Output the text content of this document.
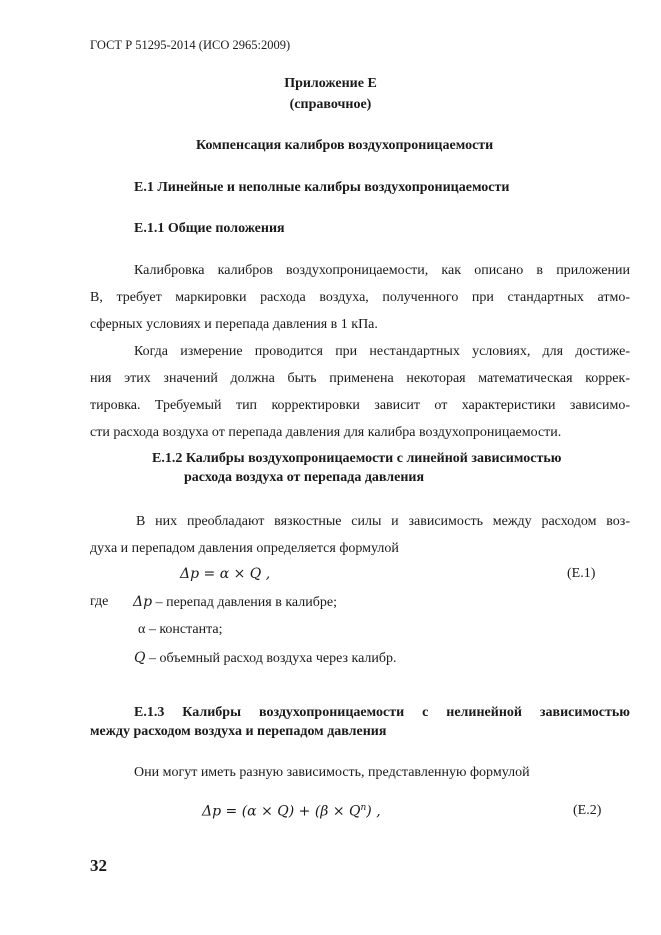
ГОСТ Р 51295-2014 (ИСО 2965:2009)
Приложение Е
(справочное)
Компенсация калибров воздухопроницаемости
Е.1 Линейные и неполные калибры воздухопроницаемости
Е.1.1 Общие положения
Калибровка калибров воздухопроницаемости, как описано в приложении
В, требует маркировки расхода воздуха, полученного при стандартных атмо-
сферных условиях и перепада давления в 1 кПа.
Когда измерение проводится при нестандартных условиях, для достиже-
ния этих значений должна быть применена некоторая математическая коррек-
тировка. Требуемый тип корректировки зависит от характеристики зависимо-
сти расхода воздуха от перепада давления для калибра воздухопроницаемости.
Е.1.2 Калибры воздухопроницаемости с линейной зависимостью
расхода воздуха от перепада давления
В них преобладают вязкостные силы и зависимость между расходом воз-
духа и перепадом давления определяется формулой
Δp = α × Q ,	(Е.1)
где Δp – перепад давления в калибре;
α – константа;
Q – объемный расход воздуха через калибр.
Е.1.3 Калибры воздухопроницаемости с нелинейной зависимостью
между расходом воздуха и перепадом давления
Они могут иметь разную зависимость, представленную формулой
$\Delta p = (\alpha \times Q) + (\beta \times Q^n)$ ,	(Е.2)
32
